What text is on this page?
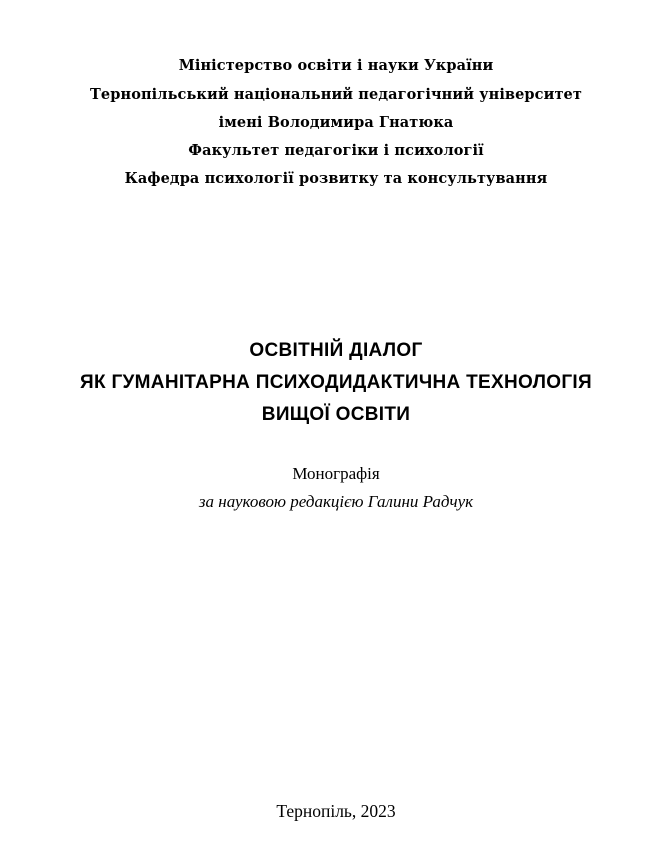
Міністерство освіти і науки України

Тернопільський національний педагогічний університет

імені Володимира Гнатюка

Факультет педагогіки і психології

Кафедра психології розвитку та консультування

ОСВІТНІЙ ДІАЛОГ

ЯК ГУМАНІТАРНА ПСИХОДИДАКТИЧНА ТЕХНОЛОГІЯ

ВИЩОЇ ОСВІТИ

Монографія

за науковою редакцією Галини Радчук

Тернопіль, 2023
